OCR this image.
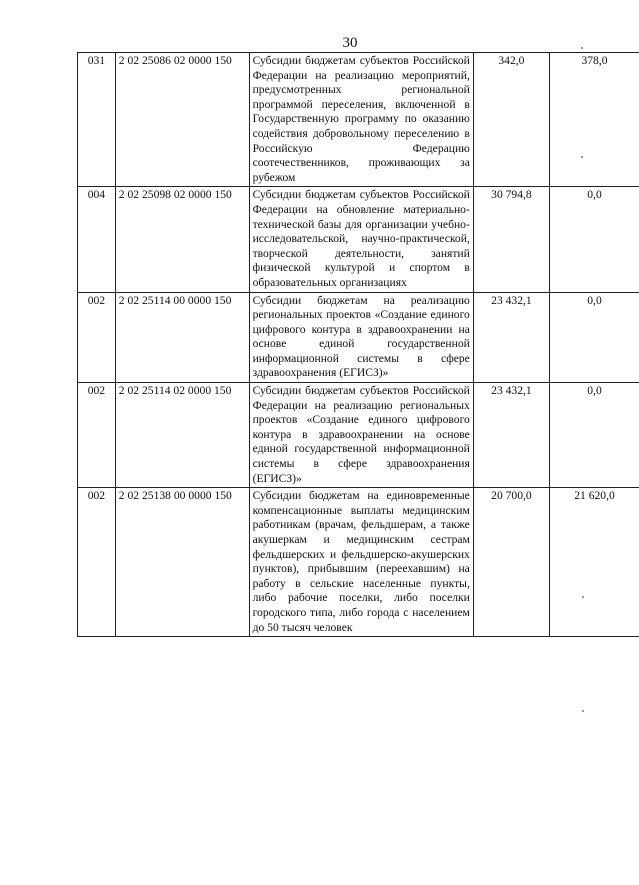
30
031	2 02 25086 02 0000 150	Субсидии бюджетам субъектов Российской Федерации на реализацию мероприятий, предусмотренных региональной программой переселения, включенной в Государственную программу по оказанию содействия добровольному переселению в Российскую Федерацию соотечественников, проживающих за рубежом	342,0	378,0
004	2 02 25098 02 0000 150	Субсидии бюджетам субъектов Российской Федерации на обновление материально-технической базы для организации учебно-исследовательской, научно-практической, творческой деятельности, занятий физической культурой и спортом в образовательных организациях	30 794,8	0,0
002	2 02 25114 00 0000 150	Субсидии бюджетам на реализацию региональных проектов «Создание единого цифрового контура в здравоохранении на основе единой государственной информационной системы в сфере здравоохранения (ЕГИСЗ)»	23 432,1	0,0
002	2 02 25114 02 0000 150	Субсидии бюджетам субъектов Российской Федерации на реализацию региональных проектов «Создание единого цифрового контура в здравоохранении на основе единой государственной информационной системы в сфере здравоохранения (ЕГИСЗ)»	23 432,1	0,0
002	2 02 25138 00 0000 150	Субсидии бюджетам на единовременные компенсационные выплаты медицинским работникам (врачам, фельдшерам, а также акушеркам и медицинским сестрам фельдшерских и фельдшерско-акушерских пунктов), прибывшим (переехавшим) на работу в сельские населенные пункты, либо рабочие поселки, либо поселки городского типа, либо города с населением до 50 тысяч человек	20 700,0	21 620,0
